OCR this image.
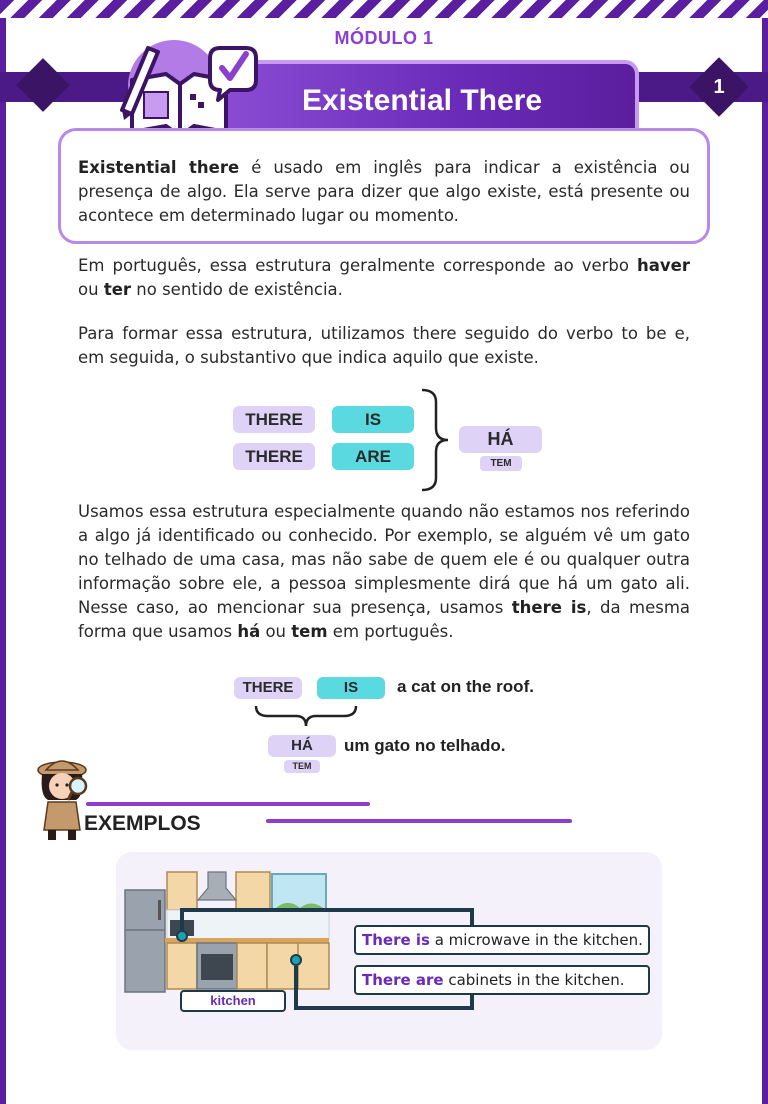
MÓDULO 1
1
Existential There

Existential there é usado em inglês para indicar a existência ou presença de algo. Ela serve para dizer que algo existe, está presente ou acontece em determinado lugar ou momento.

Em português, essa estrutura geralmente corresponde ao verbo haver ou ter no sentido de existência.

Para formar essa estrutura, utilizamos there seguido do verbo to be e, em seguida, o substantivo que indica aquilo que existe.

THERE	IS
THERE	ARE
HÁ
TEM

Usamos essa estrutura especialmente quando não estamos nos referindo a algo já identificado ou conhecido. Por exemplo, se alguém vê um gato no telhado de uma casa, mas não sabe de quem ele é ou qualquer outra informação sobre ele, a pessoa simplesmente dirá que há um gato ali. Nesse caso, ao mencionar sua presença, usamos there is, da mesma forma que usamos há ou tem em português.

THERE	IS	a cat on the roof.
HÁ
TEM
um gato no telhado.
EXEMPLOS
There is a microwave in the kitchen.
There are cabinets in the kitchen.
kitchen
